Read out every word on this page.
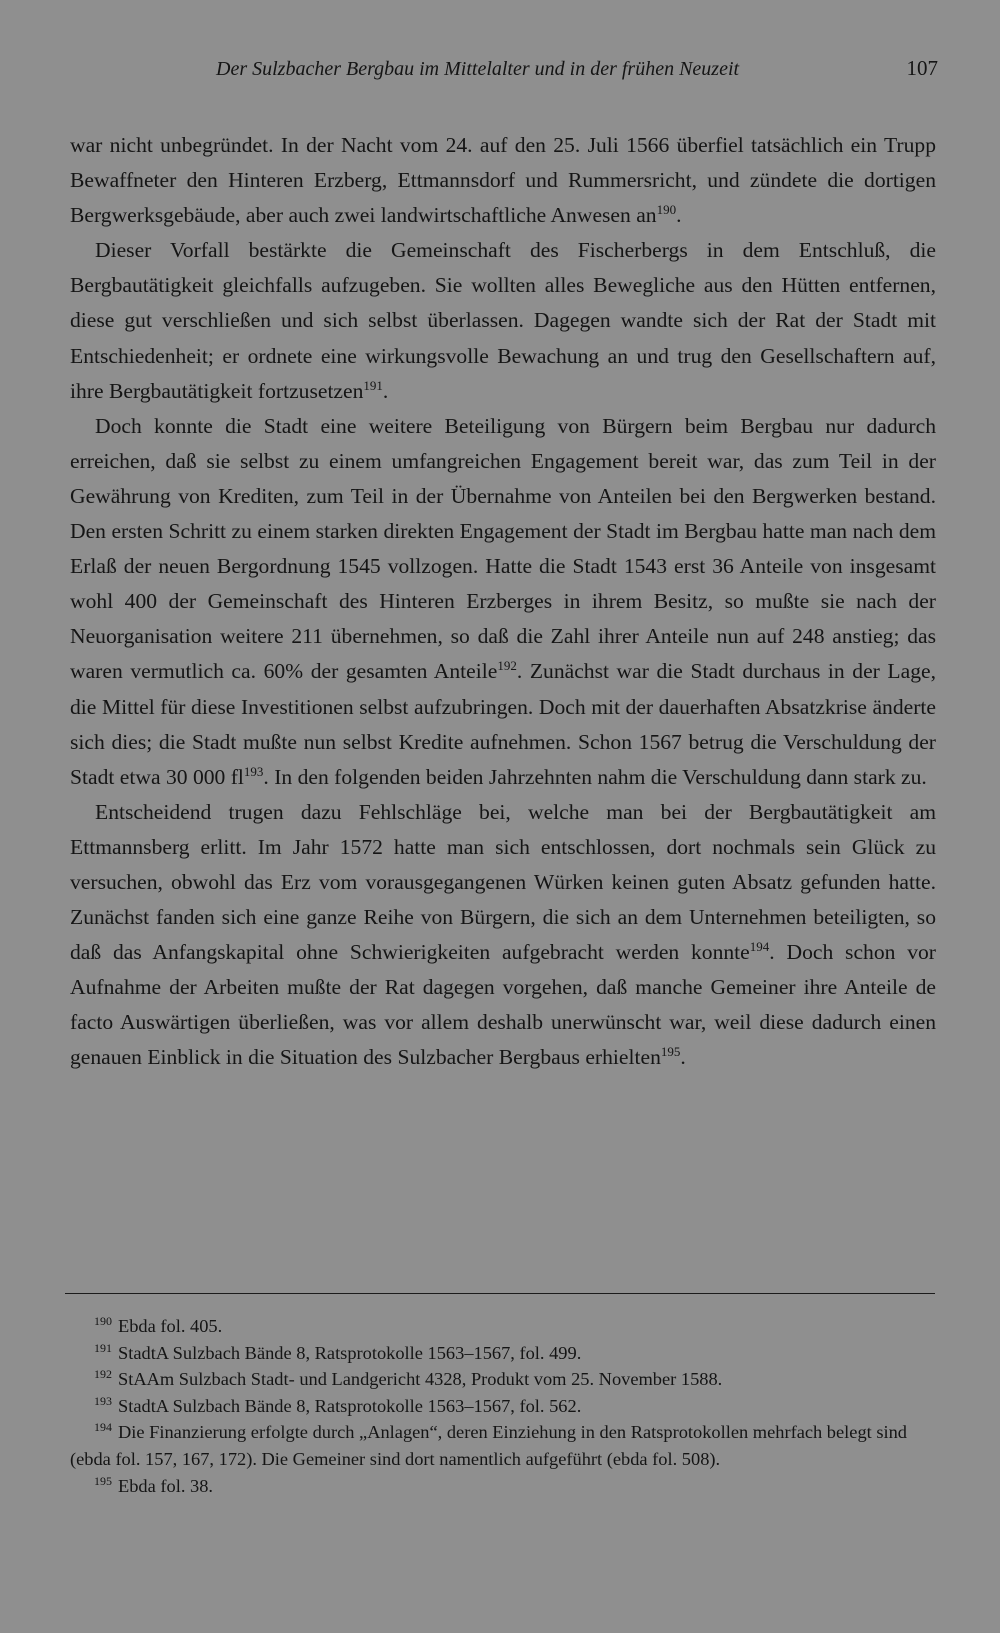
Der Sulzbacher Bergbau im Mittelalter und in der frühen Neuzeit	107

war nicht unbegründet. In der Nacht vom 24. auf den 25. Juli 1566 überfiel tatsächlich ein Trupp Bewaffneter den Hinteren Erzberg, Ettmannsdorf und Rummersricht, und zündete die dortigen Bergwerksgebäude, aber auch zwei landwirtschaftliche Anwesen an$^{190}$.

Dieser Vorfall bestärkte die Gemeinschaft des Fischerbergs in dem Entschluß, die Bergbautätigkeit gleichfalls aufzugeben. Sie wollten alles Bewegliche aus den Hütten entfernen, diese gut verschließen und sich selbst überlassen. Dagegen wandte sich der Rat der Stadt mit Entschiedenheit; er ordnete eine wirkungsvolle Bewachung an und trug den Gesellschaftern auf, ihre Bergbautätigkeit fortzusetzen$^{191}$.

Doch konnte die Stadt eine weitere Beteiligung von Bürgern beim Bergbau nur dadurch erreichen, daß sie selbst zu einem umfangreichen Engagement bereit war, das zum Teil in der Gewährung von Krediten, zum Teil in der Übernahme von Anteilen bei den Bergwerken bestand. Den ersten Schritt zu einem starken direkten Engagement der Stadt im Bergbau hatte man nach dem Erlaß der neuen Bergordnung 1545 vollzogen. Hatte die Stadt 1543 erst 36 Anteile von insgesamt wohl 400 der Gemeinschaft des Hinteren Erzberges in ihrem Besitz, so mußte sie nach der Neuorganisation weitere 211 übernehmen, so daß die Zahl ihrer Anteile nun auf 248 anstieg; das waren vermutlich ca. 60% der gesamten Anteile$^{192}$. Zunächst war die Stadt durchaus in der Lage, die Mittel für diese Investitionen selbst aufzubringen. Doch mit der dauerhaften Absatzkrise änderte sich dies; die Stadt mußte nun selbst Kredite aufnehmen. Schon 1567 betrug die Verschuldung der Stadt etwa 30 000 fl$^{193}$. In den folgenden beiden Jahrzehnten nahm die Verschuldung dann stark zu.

Entscheidend trugen dazu Fehlschläge bei, welche man bei der Bergbautätigkeit am Ettmannsberg erlitt. Im Jahr 1572 hatte man sich entschlossen, dort nochmals sein Glück zu versuchen, obwohl das Erz vom vorausgegangenen Würken keinen guten Absatz gefunden hatte. Zunächst fanden sich eine ganze Reihe von Bürgern, die sich an dem Unternehmen beteiligten, so daß das Anfangskapital ohne Schwierigkeiten aufgebracht werden konnte$^{194}$. Doch schon vor Aufnahme der Arbeiten mußte der Rat dagegen vorgehen, daß manche Gemeiner ihre Anteile de facto Auswärtigen überließen, was vor allem deshalb unerwünscht war, weil diese dadurch einen genauen Einblick in die Situation des Sulzbacher Bergbaus erhielten$^{195}$.

$^{190}$ Ebda fol. 405.

$^{191}$ StadtA Sulzbach Bände 8, Ratsprotokolle 1563–1567, fol. 499.

$^{192}$ StAAm Sulzbach Stadt- und Landgericht 4328, Produkt vom 25. November 1588.

$^{193}$ StadtA Sulzbach Bände 8, Ratsprotokolle 1563–1567, fol. 562.

$^{194}$ Die Finanzierung erfolgte durch „Anlagen“, deren Einziehung in den Ratsprotokollen mehrfach belegt sind (ebda fol. 157, 167, 172). Die Gemeiner sind dort namentlich aufgeführt (ebda fol. 508).

$^{195}$ Ebda fol. 38.
